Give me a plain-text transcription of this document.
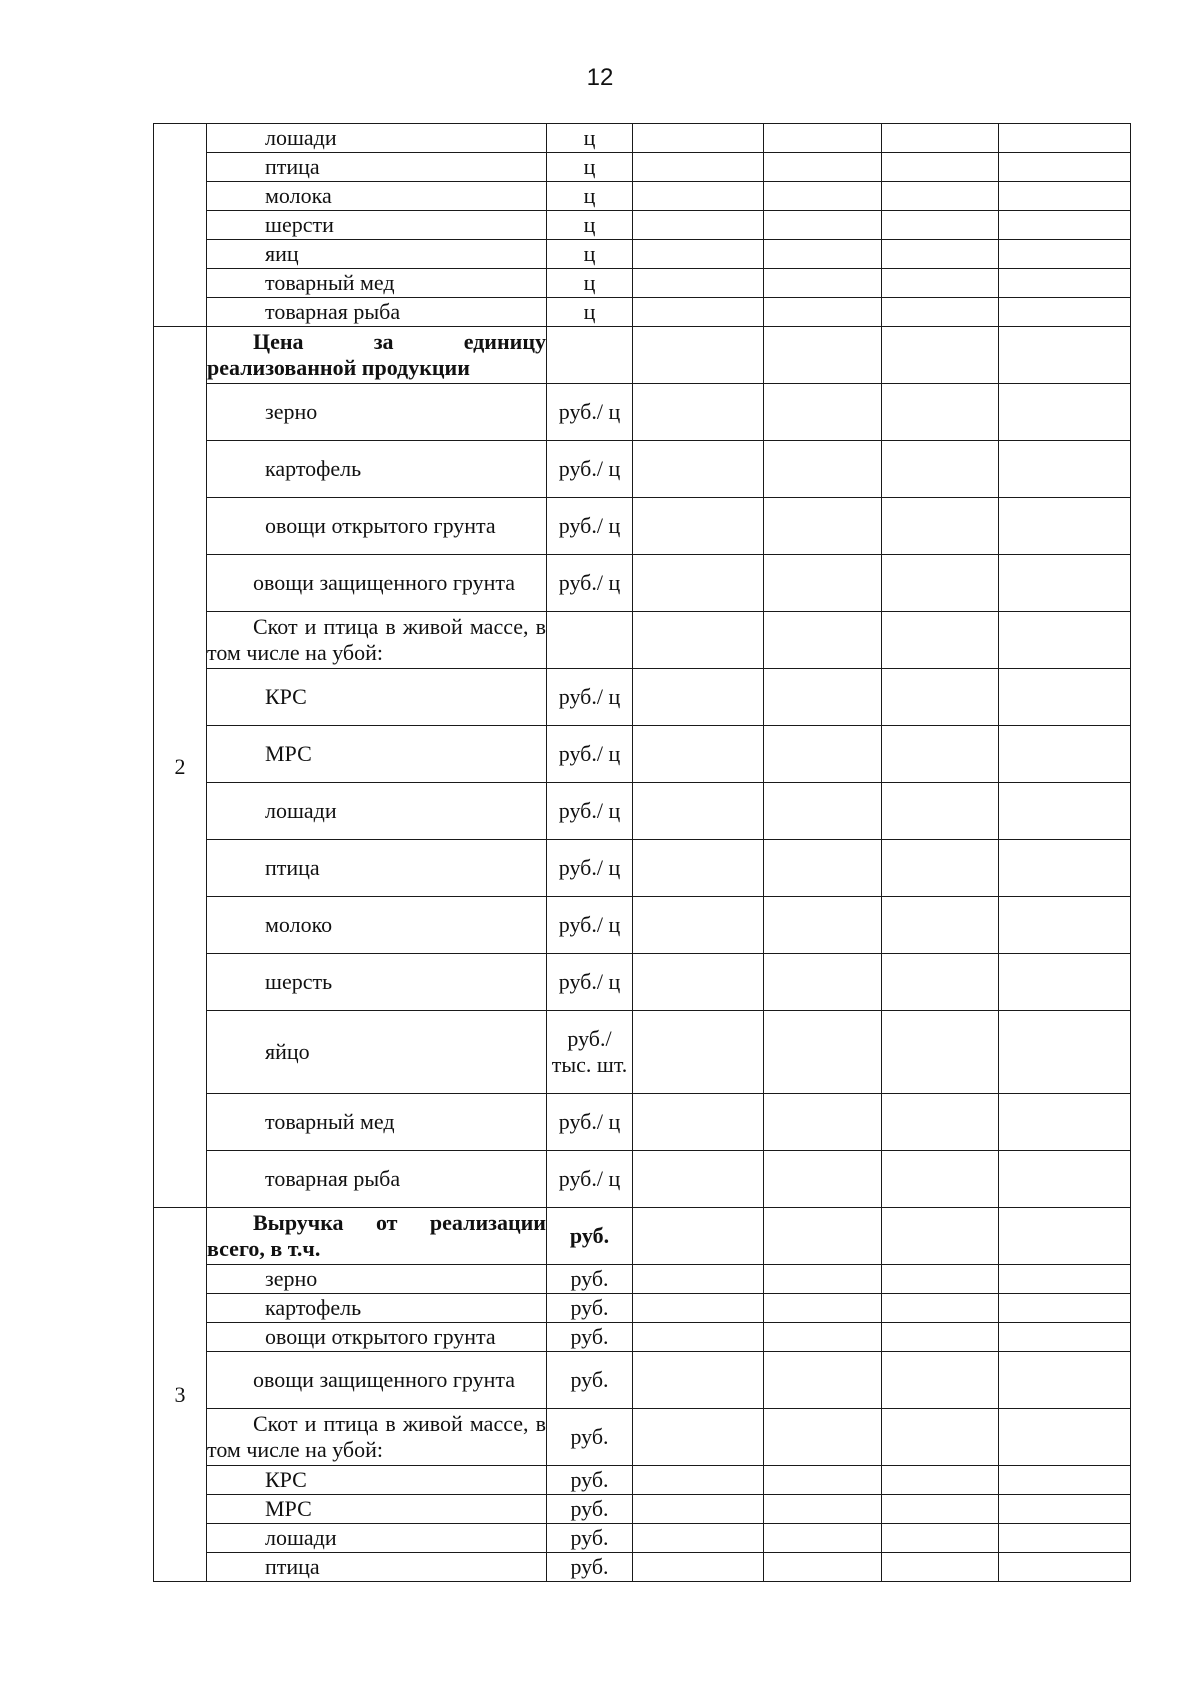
12
	лошади	ц				
	птица	ц				
	молока	ц				
	шерсти	ц				
	яиц	ц				
	товарный мед	ц				
	товарная рыба	ц				
2	Цена за единицу реализованной продукции					
	зерно	руб./ ц				
	картофель	руб./ ц				
	овощи открытого грунта	руб./ ц				
	овощи защищенного грунта	руб./ ц				
	Скот и птица в живой массе, в том числе на убой:					
	КРС	руб./ ц				
	МРС	руб./ ц				
	лошади	руб./ ц				
	птица	руб./ ц				
	молоко	руб./ ц				
	шерсть	руб./ ц				
	яйцо	руб./ тыс. шт.				
	товарный мед	руб./ ц				
	товарная рыба	руб./ ц				
3	Выручка от реализации всего, в т.ч.	руб.				
	зерно	руб.				
	картофель	руб.				
	овощи открытого грунта	руб.				
	овощи защищенного грунта	руб.				
	Скот и птица в живой массе, в том числе на убой:	руб.				
	КРС	руб.				
	МРС	руб.				
	лошади	руб.				
	птица	руб.				
